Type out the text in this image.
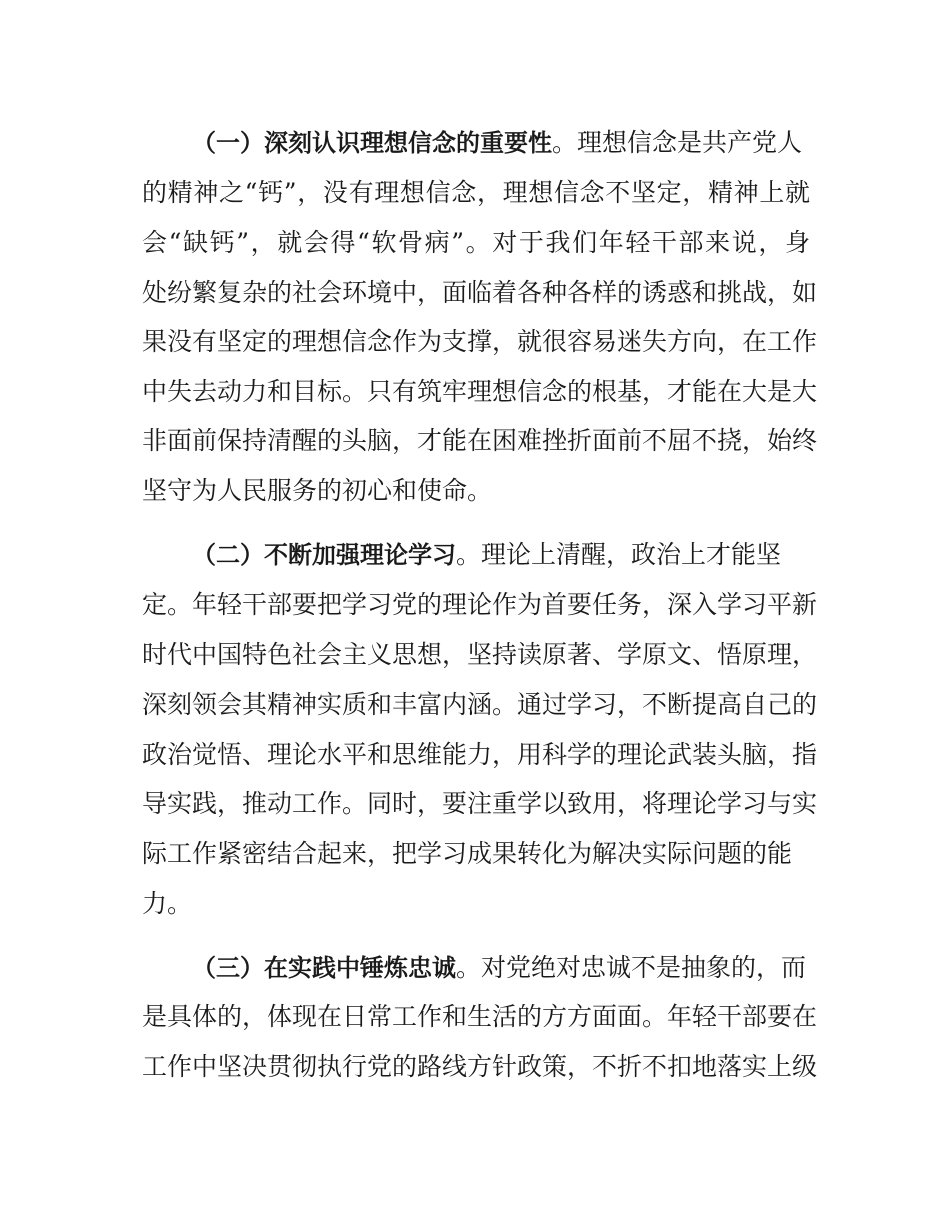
（一）深刻认识理想信念的重要性。理想信念是共产党人

的精神之“钙”，没有理想信念，理想信念不坚定，精神上就

会“缺钙”，就会得“软骨病”。对于我们年轻干部来说，身

处纷繁复杂的社会环境中，面临着各种各样的诱惑和挑战，如

果没有坚定的理想信念作为支撑，就很容易迷失方向，在工作

中失去动力和目标。只有筑牢理想信念的根基，才能在大是大

非面前保持清醒的头脑，才能在困难挫折面前不屈不挠，始终

坚守为人民服务的初心和使命。

（二）不断加强理论学习。理论上清醒，政治上才能坚

定。年轻干部要把学习党的理论作为首要任务，深入学习平新

时代中国特色社会主义思想，坚持读原著、学原文、悟原理，

深刻领会其精神实质和丰富内涵。通过学习，不断提高自己的

政治觉悟、理论水平和思维能力，用科学的理论武装头脑，指

导实践，推动工作。同时，要注重学以致用，将理论学习与实

际工作紧密结合起来，把学习成果转化为解决实际问题的能

力。

（三）在实践中锤炼忠诚。对党绝对忠诚不是抽象的，而

是具体的，体现在日常工作和生活的方方面面。年轻干部要在

工作中坚决贯彻执行党的路线方针政策，不折不扣地落实上级
